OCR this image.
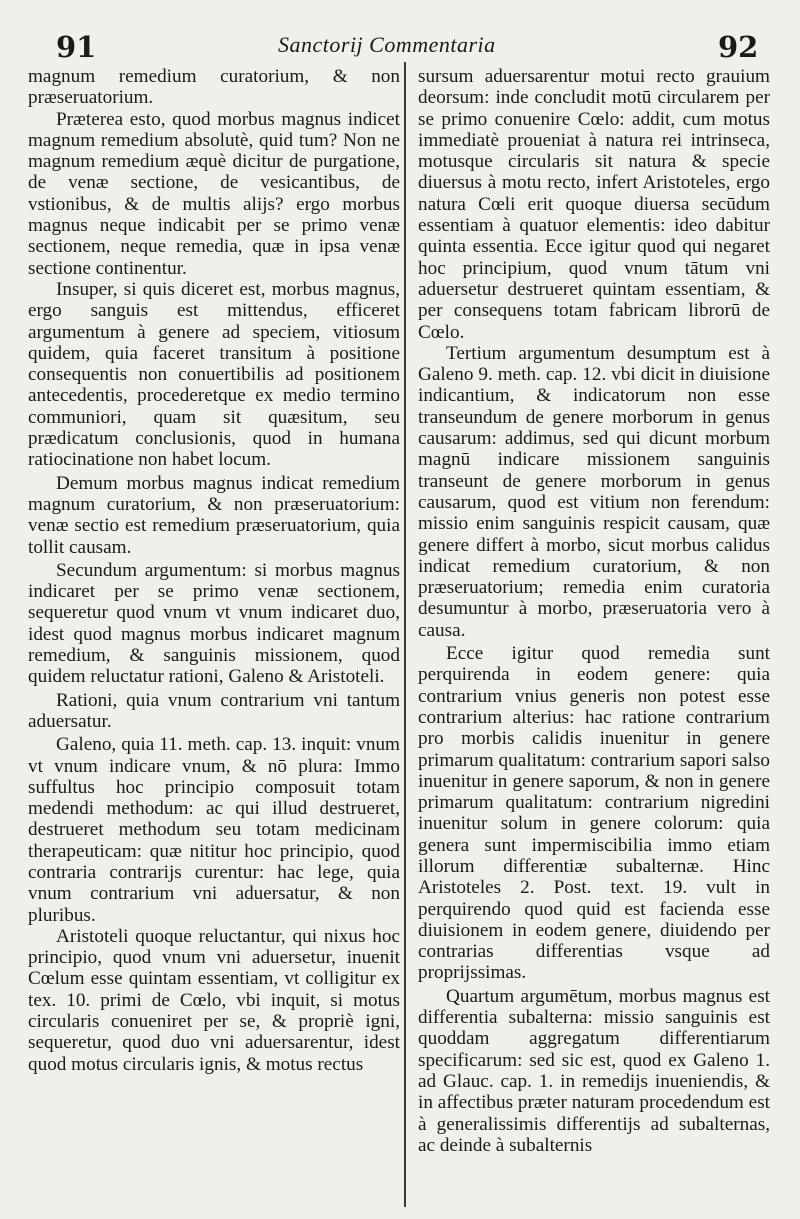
91	Sanctorij Commentaria	92

magnum remedium curatorium, & non præseruatorium.

Præterea esto, quod morbus magnus indicet magnum remedium absolutè, quid tum? Non ne magnum remedium æquè dicitur de purgatione, de venæ sectione, de vesicantibus, de vstionibus, & de multis alijs? ergo morbus magnus neque indicabit per se primo venæ sectionem, neque remedia, quæ in ipsa venæ sectione continentur.

Insuper, si quis diceret est, morbus magnus, ergo sanguis est mittendus, efficeret argumentum à genere ad speciem, vitiosum quidem, quia faceret transitum à positione consequentis non conuertibilis ad positionem antecedentis, procederetque ex medio termino communiori, quam sit quæsitum, seu prædicatum conclusionis, quod in humana ratiocinatione non habet locum.

Demum morbus magnus indicat remedium magnum curatorium, & non præseruatorium: venæ sectio est remedium præseruatorium, quia tollit causam.

Secundum argumentum: si morbus magnus indicaret per se primo venæ sectionem, sequeretur quod vnum vt vnum indicaret duo, idest quod magnus morbus indicaret magnum remedium, & sanguinis missionem, quod quidem reluctatur rationi, Galeno & Aristoteli.

Rationi, quia vnum contrarium vni tantum aduersatur.

Galeno, quia 11. meth. cap. 13. inquit: vnum vt vnum indicare vnum, & nō plura: Immo suffultus hoc principio composuit totam medendi methodum: ac qui illud destrueret, destrueret methodum seu totam medicinam therapeuticam: quæ nititur hoc principio, quod contraria contrarijs curentur: hac lege, quia vnum contrarium vni aduersatur, & non pluribus.

Aristoteli quoque reluctantur, qui nixus hoc principio, quod vnum vni aduersetur, inuenit Cœlum esse quintam essentiam, vt colligitur ex tex. 10. primi de Cœlo, vbi inquit, si motus circularis conueniret per se, & propriè igni, sequeretur, quod duo vni aduersarentur, idest quod motus circularis ignis, & motus rectus

sursum aduersarentur motui recto grauium deorsum: inde concludit motū circularem per se primo conuenire Cœlo: addit, cum motus immediatè proueniat à natura rei intrinseca, motusque circularis sit natura & specie diuersus à motu recto, infert Aristoteles, ergo natura Cœli erit quoque diuersa secūdum essentiam à quatuor elementis: ideo dabitur quinta essentia. Ecce igitur quod qui negaret hoc principium, quod vnum tātum vni aduersetur destrueret quintam essentiam, & per consequens totam fabricam librorū de Cœlo.

Tertium argumentum desumptum est à Galeno 9. meth. cap. 12. vbi dicit in diuisione indicantium, & indicatorum non esse transeundum de genere morborum in genus causarum: addimus, sed qui dicunt morbum magnū indicare missionem sanguinis transeunt de genere morborum in genus causarum, quod est vitium non ferendum: missio enim sanguinis respicit causam, quæ genere differt à morbo, sicut morbus calidus indicat remedium curatorium, & non præseruatorium; remedia enim curatoria desumuntur à morbo, præseruatoria vero à causa.

Ecce igitur quod remedia sunt perquirenda in eodem genere: quia contrarium vnius generis non potest esse contrarium alterius: hac ratione contrarium pro morbis calidis inuenitur in genere primarum qualitatum: contrarium sapori salso inuenitur in genere saporum, & non in genere primarum qualitatum: contrarium nigredini inuenitur solum in genere colorum: quia genera sunt impermiscibilia immo etiam illorum differentiæ subalternæ. Hinc Aristoteles 2. Post. text. 19. vult in perquirendo quod quid est facienda esse diuisionem in eodem genere, diuidendo per contrarias differentias vsque ad proprijssimas.

Quartum argumētum, morbus magnus est differentia subalterna: missio sanguinis est quoddam aggregatum differentiarum specificarum: sed sic est, quod ex Galeno 1. ad Glauc. cap. 1. in remedijs inueniendis, & in affectibus præter naturam procedendum est à generalissimis differentijs ad subalternas, ac deinde à subalternis
